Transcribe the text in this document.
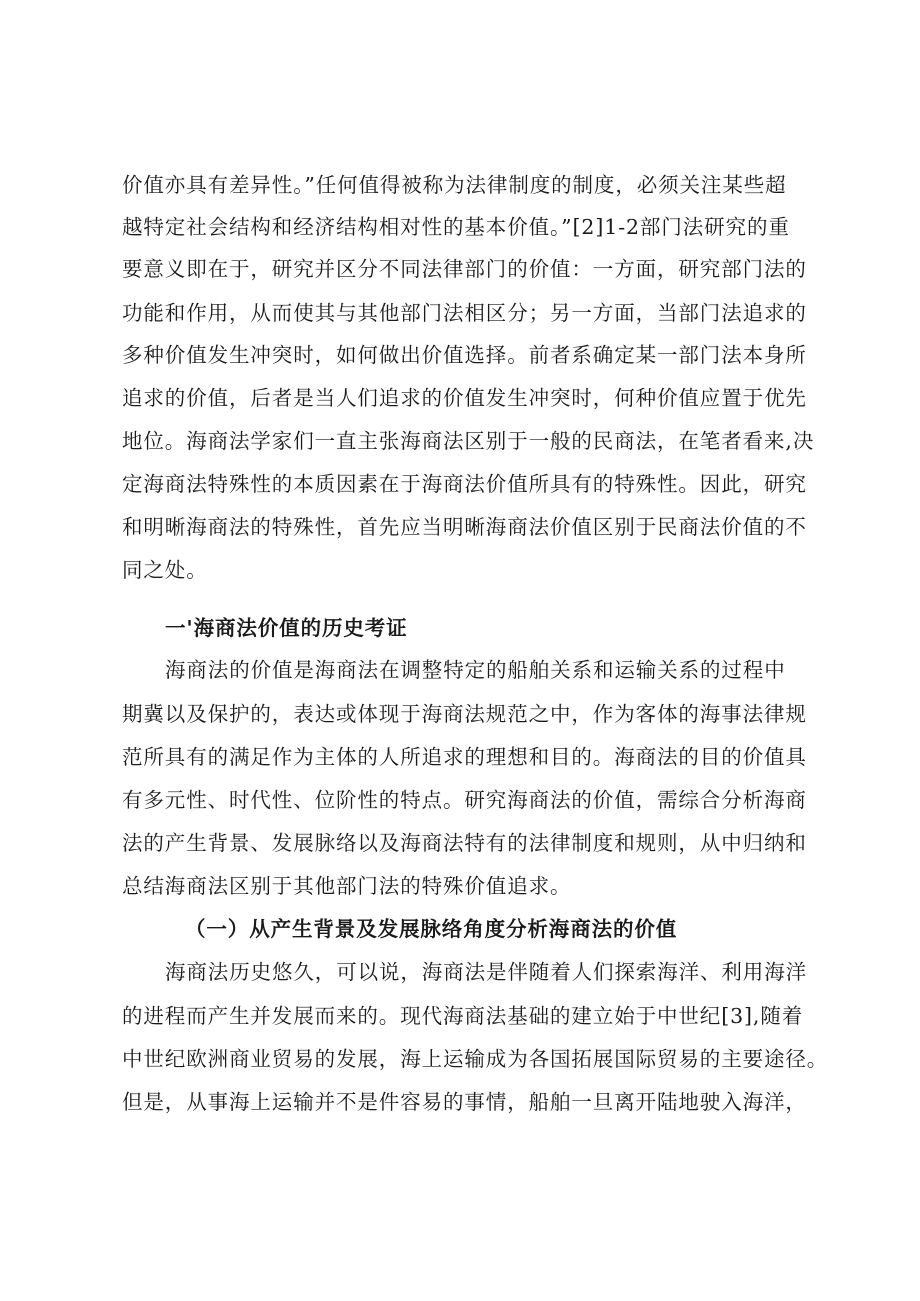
价值亦具有差异性。”任何值得被称为法律制度的制度，必须关注某些超
越特定社会结构和经济结构相对性的基本价值。”[2]1-2部门法研究的重
要意义即在于，研究并区分不同法律部门的价值：一方面，研究部门法的
功能和作用，从而使其与其他部门法相区分；另一方面，当部门法追求的
多种价值发生冲突时，如何做出价值选择。前者系确定某一部门法本身所
追求的价值，后者是当人们追求的价值发生冲突时，何种价值应置于优先
地位。海商法学家们一直主张海商法区别于一般的民商法，在笔者看来,决
定海商法特殊性的本质因素在于海商法价值所具有的特殊性。因此，研究
和明晰海商法的特殊性，首先应当明晰海商法价值区别于民商法价值的不
同之处。
一'海商法价值的历史考证
海商法的价值是海商法在调整特定的船舶关系和运输关系的过程中
期冀以及保护的，表达或体现于海商法规范之中，作为客体的海事法律规
范所具有的满足作为主体的人所追求的理想和目的。海商法的目的价值具
有多元性、时代性、位阶性的特点。研究海商法的价值，需综合分析海商
法的产生背景、发展脉络以及海商法特有的法律制度和规则，从中归纳和
总结海商法区别于其他部门法的特殊价值追求。
（一）从产生背景及发展脉络角度分析海商法的价值
海商法历史悠久，可以说，海商法是伴随着人们探索海洋、利用海洋
的进程而产生并发展而来的。现代海商法基础的建立始于中世纪[3],随着
中世纪欧洲商业贸易的发展，海上运输成为各国拓展国际贸易的主要途径。
但是，从事海上运输并不是件容易的事情，船舶一旦离开陆地驶入海洋，
